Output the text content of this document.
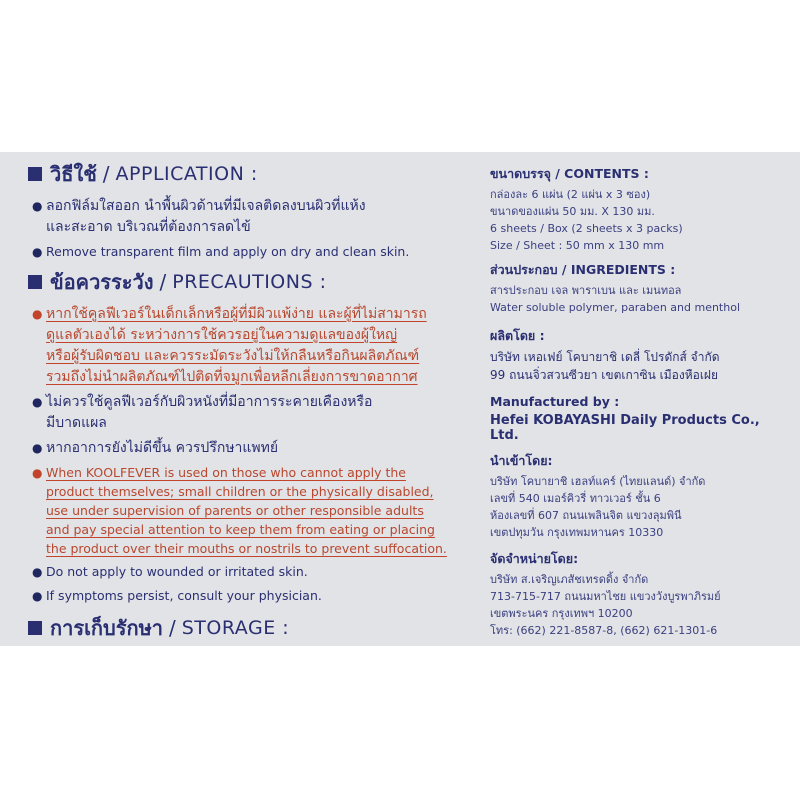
วิธีใช้ / APPLICATION :
● ลอกฟิล์มใสออก นำพื้นผิวด้านที่มีเจลติดลงบนผิวที่แห้ง
และสะอาด บริเวณที่ต้องการลดไข้
● Remove transparent film and apply on dry and clean skin.
ข้อควรระวัง / PRECAUTIONS :
● หากใช้คูลฟีเวอร์ในเด็กเล็กหรือผู้ที่มีผิวแพ้ง่าย และผู้ที่ไม่สามารถ
ดูแลตัวเองได้ ระหว่างการใช้ควรอยู่ในความดูแลของผู้ใหญ่
หรือผู้รับผิดชอบ และควรระมัดระวังไม่ให้กลืนหรือกินผลิตภัณฑ์
รวมถึงไม่นำผลิตภัณฑ์ไปติดที่จมูกเพื่อหลีกเลี่ยงการขาดอากาศ
● ไม่ควรใช้คูลฟีเวอร์กับผิวหนังที่มีอาการระคายเคืองหรือ
มีบาดแผล
● หากอาการยังไม่ดีขึ้น ควรปรึกษาแพทย์
● When KOOLFEVER is used on those who cannot apply the
product themselves; small children or the physically disabled,
use under supervision of parents or other responsible adults
and pay special attention to keep them from eating or placing
the product over their mouths or nostrils to prevent suffocation.
● Do not apply to wounded or irritated skin.
● If symptoms persist, consult your physician.
การเก็บรักษา / STORAGE :
ขนาดบรรจุ / CONTENTS :
กล่องละ 6 แผ่น (2 แผ่น x 3 ซอง)
ขนาดของแผ่น 50 มม. X 130 มม.
6 sheets / Box (2 sheets x 3 packs)
Size / Sheet : 50 mm x 130 mm
ส่วนประกอบ / INGREDIENTS :
สารประกอบ เจล พาราเบน และ เมนทอล
Water soluble polymer, paraben and menthol
ผลิตโดย :
บริษัท เหอเฟย์ โคบายาชิ เดลี่ โปรดักส์ จำกัด
99 ถนนจิ่วสวนซีวยา เขตเกาซิน เมืองหือเฝย
Manufactured by :
Hefei KOBAYASHI Daily Products Co., Ltd.
นำเข้าโดย:
บริษัท โคบายาชิ เฮลท์แคร์ (ไทยแลนด์) จำกัด
เลขที่ 540 เมอร์คิวรี่ ทาวเวอร์ ชั้น 6
ห้องเลขที่ 607 ถนนเพลินจิต แขวงลุมพินี
เขตปทุมวัน กรุงเทพมหานคร 10330
จัดจำหน่ายโดย:
บริษัท ส.เจริญเภสัชเทรดดิ้ง จำกัด
713-715-717 ถนนมหาไชย แขวงวังบูรพาภิรมย์
เขตพระนคร กรุงเทพฯ 10200
โทร: (662) 221-8587-8, (662) 621-1301-6
